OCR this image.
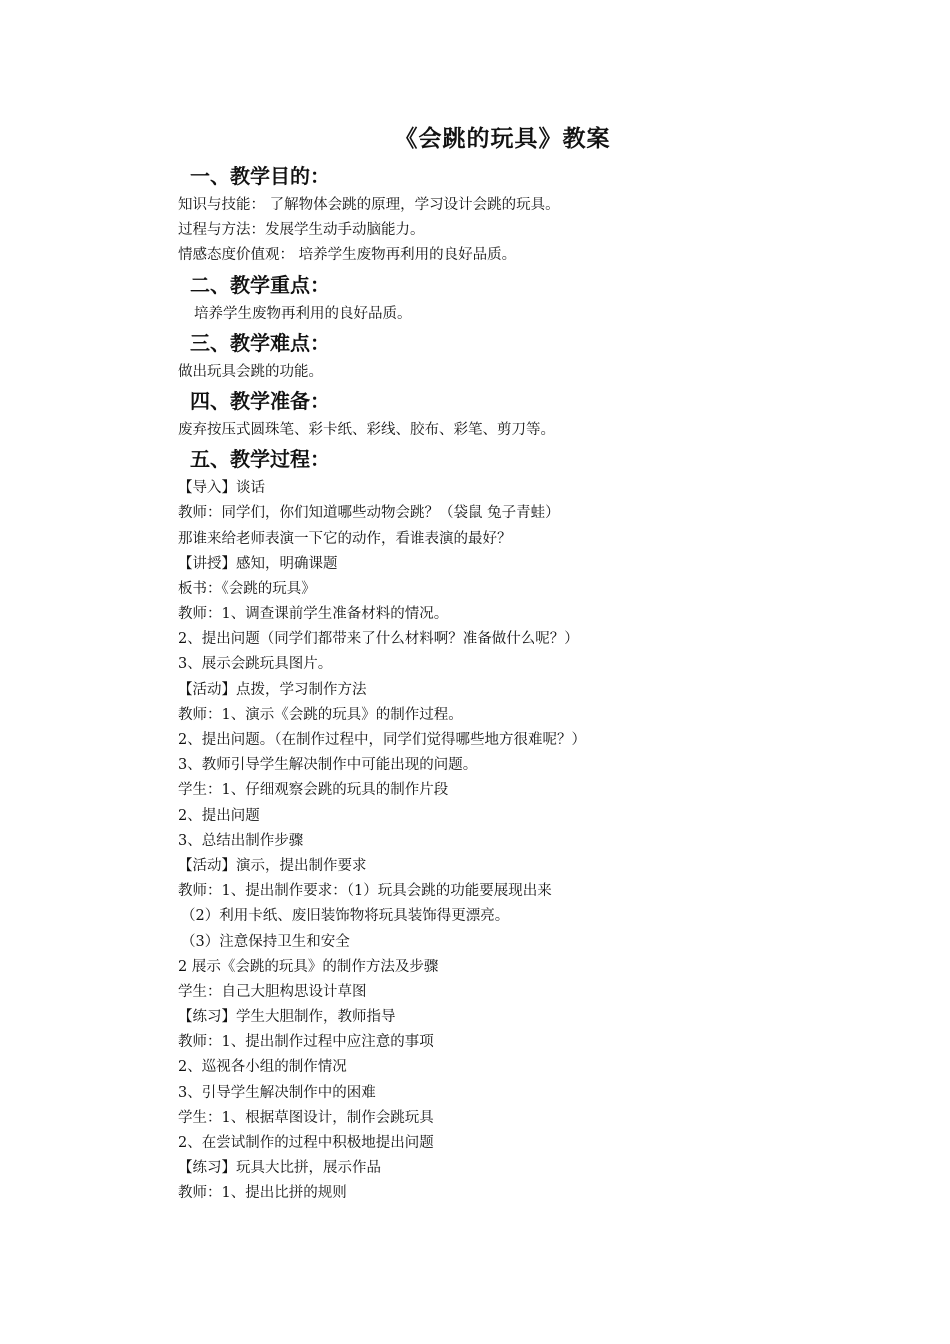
《会跳的玩具》教案
一、教学目的：

知识与技能： 了解物体会跳的原理，学习设计会跳的玩具。

过程与方法：发展学生动手动脑能力。

情感态度价值观： 培养学生废物再利用的良好品质。

二、教学重点：

培养学生废物再利用的良好品质。

三、教学难点：

做出玩具会跳的功能。

四、教学准备：

废弃按压式圆珠笔、彩卡纸、彩线、胶布、彩笔、剪刀等。

五、教学过程：

【导入】谈话

教师：同学们，你们知道哪些动物会跳？（袋鼠 兔子青蛙）

那谁来给老师表演一下它的动作，看谁表演的最好？

【讲授】感知，明确课题

板书：《会跳的玩具》

教师：1、调查课前学生准备材料的情况。

2、提出问题（同学们都带来了什么材料啊？准备做什么呢？）

3、展示会跳玩具图片。

【活动】点拨，学习制作方法

教师：1、演示《会跳的玩具》的制作过程。

2、提出问题。（在制作过程中，同学们觉得哪些地方很难呢？）

3、教师引导学生解决制作中可能出现的问题。

学生：1、仔细观察会跳的玩具的制作片段

2、提出问题

3、总结出制作步骤

【活动】演示，提出制作要求

教师：1、提出制作要求：（1）玩具会跳的功能要展现出来

（2）利用卡纸、废旧装饰物将玩具装饰得更漂亮。

（3）注意保持卫生和安全

2 展示《会跳的玩具》的制作方法及步骤

学生：自己大胆构思设计草图

【练习】学生大胆制作，教师指导

教师：1、提出制作过程中应注意的事项

2、巡视各小组的制作情况

3、引导学生解决制作中的困难

学生：1、根据草图设计，制作会跳玩具

2、在尝试制作的过程中积极地提出问题

【练习】玩具大比拼，展示作品

教师：1、提出比拼的规则
